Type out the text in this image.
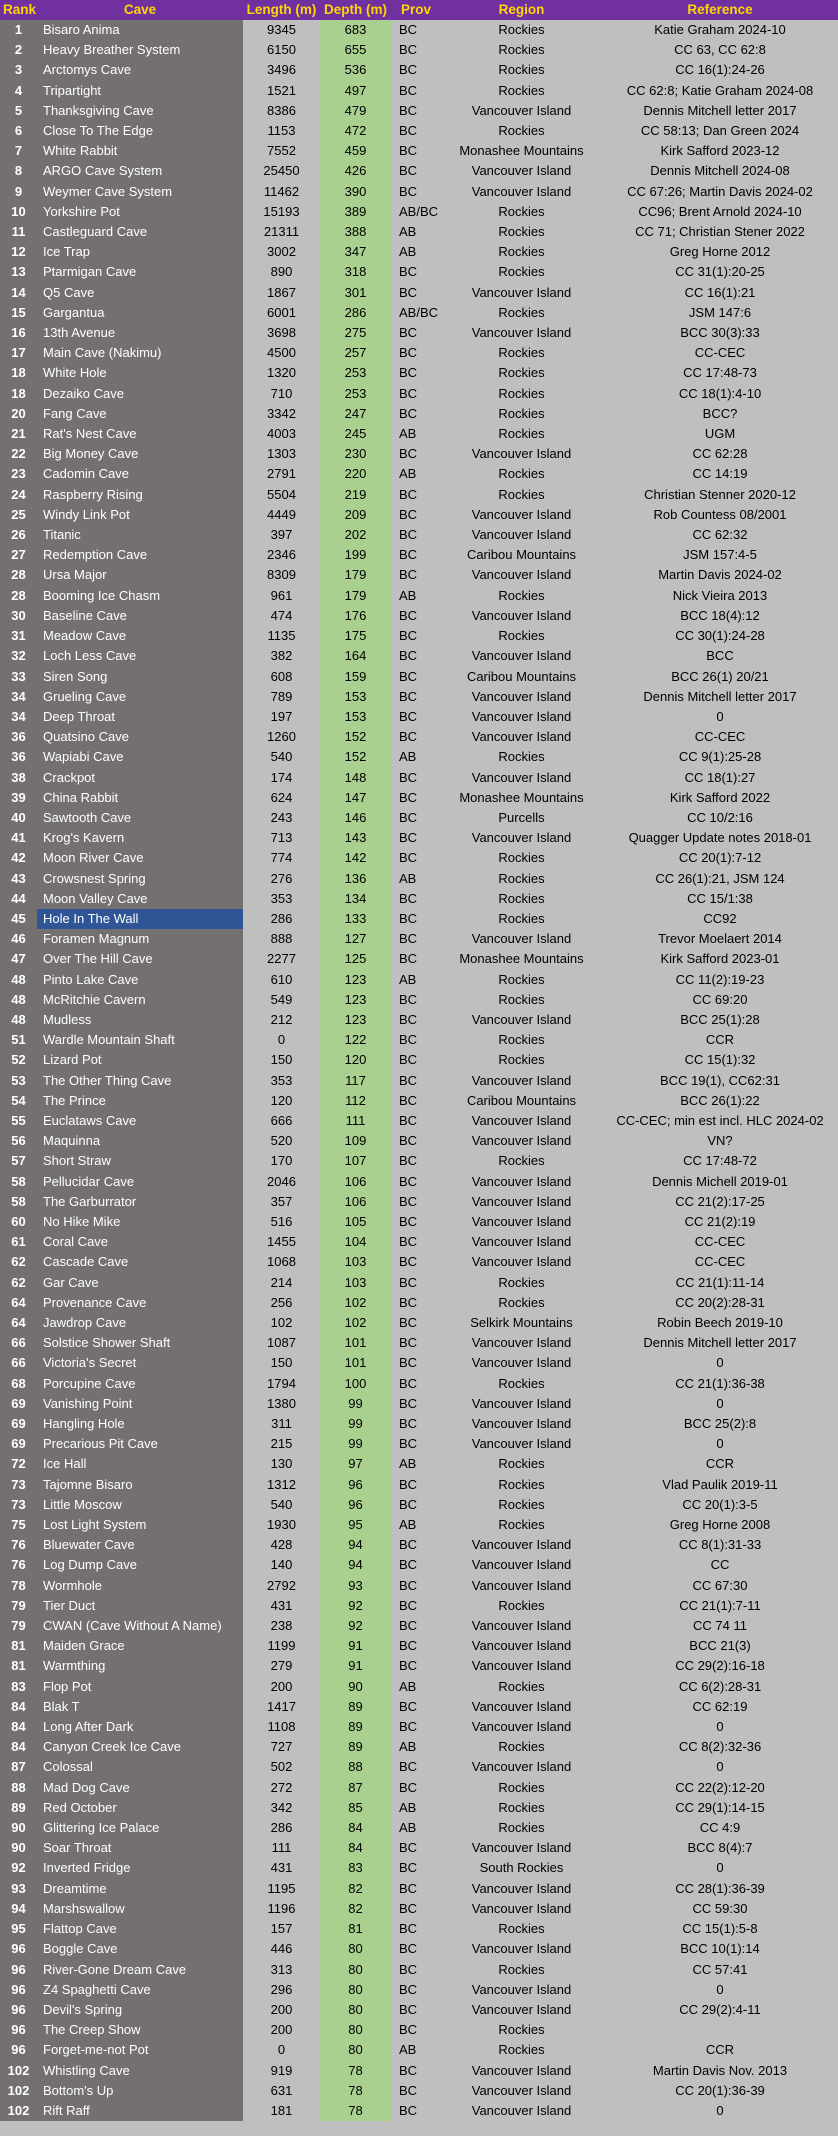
Rank	Cave	Length (m)	Depth (m)	Prov	Region	Reference
1	Bisaro Anima	9345	683	BC	Rockies	Katie Graham 2024-10
2	Heavy Breather System	6150	655	BC	Rockies	CC 63, CC 62:8
3	Arctomys Cave	3496	536	BC	Rockies	CC 16(1):24-26
4	Tripartight	1521	497	BC	Rockies	CC 62:8; Katie Graham 2024-08
5	Thanksgiving Cave	8386	479	BC	Vancouver Island	Dennis Mitchell letter 2017
6	Close To The Edge	1153	472	BC	Rockies	CC 58:13; Dan Green 2024
7	White Rabbit	7552	459	BC	Monashee Mountains	Kirk Safford 2023-12
8	ARGO Cave System	25450	426	BC	Vancouver Island	Dennis Mitchell 2024-08
9	Weymer Cave System	11462	390	BC	Vancouver Island	CC 67:26; Martin Davis 2024-02
10	Yorkshire Pot	15193	389	AB/BC	Rockies	CC96; Brent Arnold 2024-10
11	Castleguard Cave	21311	388	AB	Rockies	CC 71; Christian Stener 2022
12	Ice Trap	3002	347	AB	Rockies	Greg Horne 2012
13	Ptarmigan Cave	890	318	BC	Rockies	CC 31(1):20-25
14	Q5 Cave	1867	301	BC	Vancouver Island	CC 16(1):21
15	Gargantua	6001	286	AB/BC	Rockies	JSM 147:6
16	13th Avenue	3698	275	BC	Vancouver Island	BCC 30(3):33
17	Main Cave (Nakimu)	4500	257	BC	Rockies	CC-CEC
18	White Hole	1320	253	BC	Rockies	CC 17:48-73
18	Dezaiko Cave	710	253	BC	Rockies	CC 18(1):4-10
20	Fang Cave	3342	247	BC	Rockies	BCC?
21	Rat's Nest Cave	4003	245	AB	Rockies	UGM
22	Big Money Cave	1303	230	BC	Vancouver Island	CC 62:28
23	Cadomin Cave	2791	220	AB	Rockies	CC 14:19
24	Raspberry Rising	5504	219	BC	Rockies	Christian Stenner 2020-12
25	Windy Link Pot	4449	209	BC	Vancouver Island	Rob Countess 08/2001
26	Titanic	397	202	BC	Vancouver Island	CC 62:32
27	Redemption Cave	2346	199	BC	Caribou Mountains	JSM 157:4-5
28	Ursa Major	8309	179	BC	Vancouver Island	Martin Davis 2024-02
28	Booming Ice Chasm	961	179	AB	Rockies	Nick Vieira 2013
30	Baseline Cave	474	176	BC	Vancouver Island	BCC 18(4):12
31	Meadow Cave	1135	175	BC	Rockies	CC 30(1):24-28
32	Loch Less Cave	382	164	BC	Vancouver Island	BCC
33	Siren Song	608	159	BC	Caribou Mountains	BCC 26(1) 20/21
34	Grueling Cave	789	153	BC	Vancouver Island	Dennis Mitchell letter 2017
34	Deep Throat	197	153	BC	Vancouver Island	0
36	Quatsino Cave	1260	152	BC	Vancouver Island	CC-CEC
36	Wapiabi Cave	540	152	AB	Rockies	CC 9(1):25-28
38	Crackpot	174	148	BC	Vancouver Island	CC 18(1):27
39	China Rabbit	624	147	BC	Monashee Mountains	Kirk Safford 2022
40	Sawtooth Cave	243	146	BC	Purcells	CC 10/2:16
41	Krog's Kavern	713	143	BC	Vancouver Island	Quagger Update notes 2018-01
42	Moon River Cave	774	142	BC	Rockies	CC 20(1):7-12
43	Crowsnest Spring	276	136	AB	Rockies	CC 26(1):21, JSM 124
44	Moon Valley Cave	353	134	BC	Rockies	CC 15/1:38
45	Hole In The Wall	286	133	BC	Rockies	CC92
46	Foramen Magnum	888	127	BC	Vancouver Island	Trevor Moelaert 2014
47	Over The Hill Cave	2277	125	BC	Monashee Mountains	Kirk Safford 2023-01
48	Pinto Lake Cave	610	123	AB	Rockies	CC 11(2):19-23
48	McRitchie Cavern	549	123	BC	Rockies	CC 69:20
48	Mudless	212	123	BC	Vancouver Island	BCC 25(1):28
51	Wardle Mountain Shaft	0	122	BC	Rockies	CCR
52	Lizard Pot	150	120	BC	Rockies	CC 15(1):32
53	The Other Thing Cave	353	117	BC	Vancouver Island	BCC 19(1), CC62:31
54	The Prince	120	112	BC	Caribou Mountains	BCC 26(1):22
55	Euclataws Cave	666	111	BC	Vancouver Island	CC-CEC; min est incl. HLC 2024-02
56	Maquinna	520	109	BC	Vancouver Island	VN?
57	Short Straw	170	107	BC	Rockies	CC 17:48-72
58	Pellucidar Cave	2046	106	BC	Vancouver Island	Dennis Michell 2019-01
58	The Garburrator	357	106	BC	Vancouver Island	CC 21(2):17-25
60	No Hike Mike	516	105	BC	Vancouver Island	CC 21(2):19
61	Coral Cave	1455	104	BC	Vancouver Island	CC-CEC
62	Cascade Cave	1068	103	BC	Vancouver Island	CC-CEC
62	Gar Cave	214	103	BC	Rockies	CC 21(1):11-14
64	Provenance Cave	256	102	BC	Rockies	CC 20(2):28-31
64	Jawdrop Cave	102	102	BC	Selkirk Mountains	Robin Beech 2019-10
66	Solstice Shower Shaft	1087	101	BC	Vancouver Island	Dennis Mitchell letter 2017
66	Victoria's Secret	150	101	BC	Vancouver Island	0
68	Porcupine Cave	1794	100	BC	Rockies	CC 21(1):36-38
69	Vanishing Point	1380	99	BC	Vancouver Island	0
69	Hangling Hole	311	99	BC	Vancouver Island	BCC 25(2):8
69	Precarious Pit Cave	215	99	BC	Vancouver Island	0
72	Ice Hall	130	97	AB	Rockies	CCR
73	Tajomne Bisaro	1312	96	BC	Rockies	Vlad Paulik 2019-11
73	Little Moscow	540	96	BC	Rockies	CC 20(1):3-5
75	Lost Light System	1930	95	AB	Rockies	Greg Horne 2008
76	Bluewater Cave	428	94	BC	Vancouver Island	CC 8(1):31-33
76	Log Dump Cave	140	94	BC	Vancouver Island	CC
78	Wormhole	2792	93	BC	Vancouver Island	CC 67:30
79	Tier Duct	431	92	BC	Rockies	CC 21(1):7-11
79	CWAN (Cave Without A Name)	238	92	BC	Vancouver Island	CC 74 11
81	Maiden Grace	1199	91	BC	Vancouver Island	BCC 21(3)
81	Warmthing	279	91	BC	Vancouver Island	CC 29(2):16-18
83	Flop Pot	200	90	AB	Rockies	CC 6(2):28-31
84	Blak T	1417	89	BC	Vancouver Island	CC 62:19
84	Long After Dark	1108	89	BC	Vancouver Island	0
84	Canyon Creek Ice Cave	727	89	AB	Rockies	CC 8(2):32-36
87	Colossal	502	88	BC	Vancouver Island	0
88	Mad Dog Cave	272	87	BC	Rockies	CC 22(2):12-20
89	Red October	342	85	AB	Rockies	CC 29(1):14-15
90	Glittering Ice Palace	286	84	AB	Rockies	CC 4:9
90	Soar Throat	111	84	BC	Vancouver Island	BCC 8(4):7
92	Inverted Fridge	431	83	BC	South Rockies	0
93	Dreamtime	1195	82	BC	Vancouver Island	CC 28(1):36-39
94	Marshswallow	1196	82	BC	Vancouver Island	CC 59:30
95	Flattop Cave	157	81	BC	Rockies	CC 15(1):5-8
96	Boggle Cave	446	80	BC	Vancouver Island	BCC 10(1):14
96	River-Gone Dream Cave	313	80	BC	Rockies	CC 57:41
96	Z4 Spaghetti Cave	296	80	BC	Vancouver Island	0
96	Devil's Spring	200	80	BC	Vancouver Island	CC 29(2):4-11
96	The Creep Show	200	80	BC	Rockies	
96	Forget-me-not Pot	0	80	AB	Rockies	CCR
102	Whistling Cave	919	78	BC	Vancouver Island	Martin Davis Nov. 2013
102	Bottom's Up	631	78	BC	Vancouver Island	CC 20(1):36-39
102	Rift Raff	181	78	BC	Vancouver Island	0
